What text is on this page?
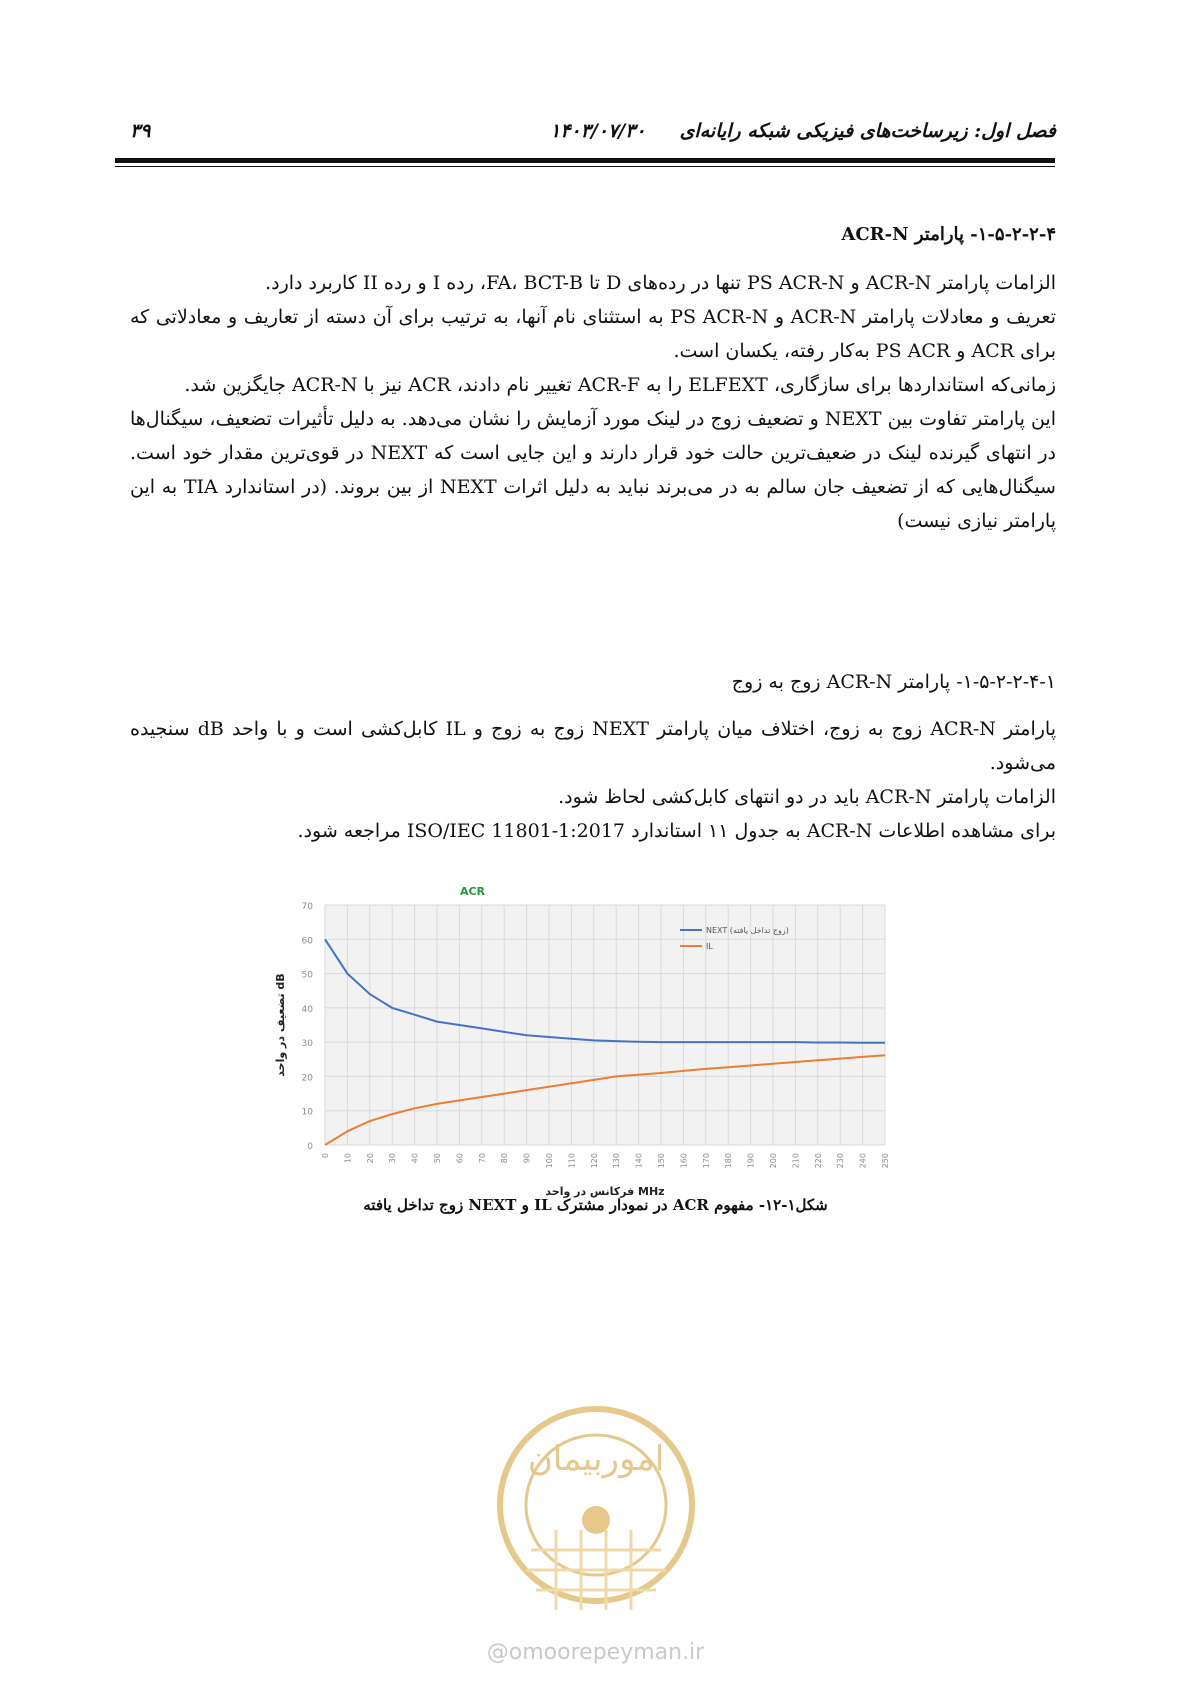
فصل اول: زیرساخت‌های فیزیکی شبکه رایانه‌ای
۱۴۰۳/۰۷/۳۰
۳۹
۱-۵-۲-۲-۴- پارامتر ACR-N

الزامات پارامتر ACR-N و PS ACR-N تنها در رده‌های D تا FA، BCT-B، رده I و رده II کاربرد دارد.

تعریف و معادلات پارامتر ACR-N و PS ACR-N به استثنای نام آنها، به ترتیب برای آن دسته از تعاریف و معادلاتی که برای ACR و PS ACR به‌کار رفته، یکسان است.

زمانی‌که استانداردها برای سازگاری، ELFEXT را به ACR-F تغییر نام دادند، ACR نیز با ACR-N جایگزین شد.

این پارامتر تفاوت بین NEXT و تضعیف زوج در لینک مورد آزمایش را نشان می‌دهد. به دلیل تأثیرات تضعیف، سیگنال‌ها در انتهای گیرنده لینک در ضعیف‌ترین حالت خود قرار دارند و این جایی است که NEXT در قوی‌ترین مقدار خود است. سیگنال‌هایی که از تضعیف جان سالم به در می‌برند نباید به دلیل اثرات NEXT از بین بروند. (در استاندارد TIA به این پارامتر نیازی نیست)

۱-۵-۲-۲-۴-۱- پارامتر ACR-N زوج به زوج

پارامتر ACR-N زوج به زوج، اختلاف میان پارامتر NEXT زوج به زوج و IL کابل‌کشی است و با واحد dB سنجیده می‌شود.

الزامات پارامتر ACR-N باید در دو انتهای کابل‌کشی لحاظ شود.

برای مشاهده اطلاعات ACR-N به جدول ۱۱ استاندارد ISO/IEC 11801-1:2017 مراجعه شود.

0
10
20
30
40
50
60
70
0 10 20 30 40 50 60 70 80 90 100 110 120 130 140 150 160 170 180 190 200 210 220 230 240 250
فرکانس در واحد MHz
تضعیف در واحد dB
NEXT (زوج تداخل یافته)
IL
ACR
شکل۱-۱۲- مفهوم ACR در نمودار مشترک IL و NEXT زوج تداخل یافته
اموربیمان
@omoorepeyman.ir
